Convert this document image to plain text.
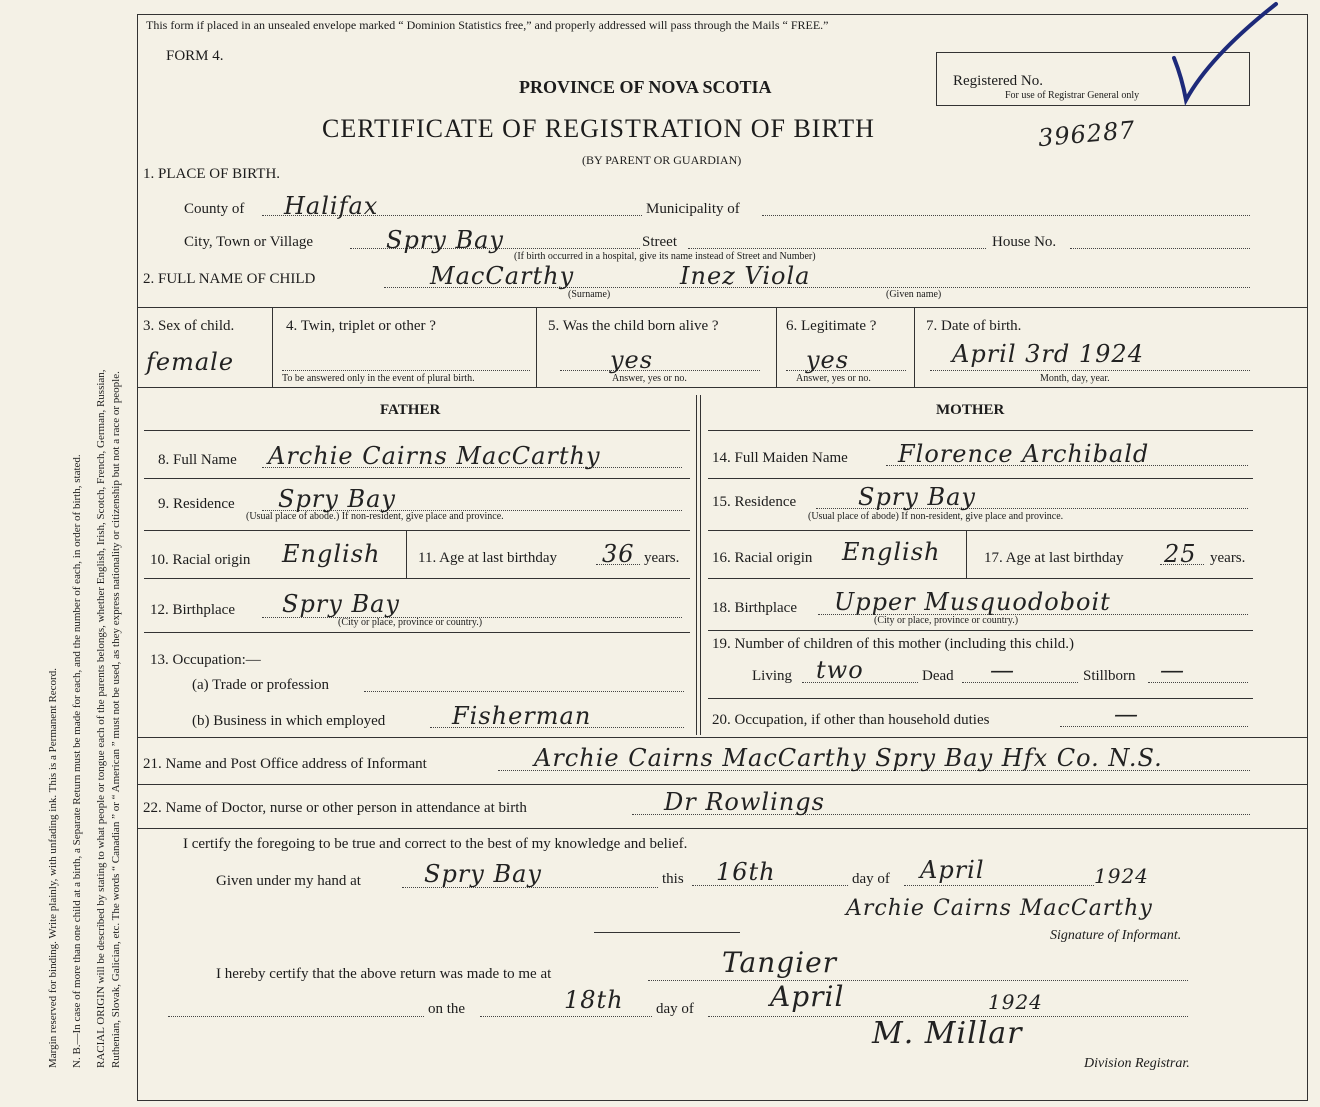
Margin reserved for binding. Write plainly, with unfading ink. This is a Permanent Record. N. B.—In case of more than one child at a birth, a Separate Return must be made for each, and the number of each, in order of birth, stated. RACIAL ORIGIN will be described by stating to what people or tongue each of the parents belongs, whether English, Irish, Scotch, French, German, Russian, Ruthenian, Slovak, Galician, etc. The words “ Canadian ” or “ American ” must not be used, as they express nationality or citizenship but not a race or people.
This form if placed in an unsealed envelope marked “ Dominion Statistics free,” and properly addressed will pass through the Mails “ FREE.”
FORM 4.
PROVINCE OF NOVA SCOTIA
CERTIFICATE OF REGISTRATION OF BIRTH
(BY PARENT OR GUARDIAN)
Registered No.
For use of Registrar General only
396287
1. PLACE OF BIRTH.
County of Halifax	Municipality of
City, Town or Village	Spry Bay	Street
(If birth occurred in a hospital, give its name instead of Street and Number)
House No.
2. FULL NAME OF CHILD	MacCarthy	Inez Viola
(Surname)	(Given name)
3. Sex of child.
female
4. Twin, triplet or other ?
To be answered only in the event of plural birth.
5. Was the child born alive ?
yes
Answer, yes or no.
6. Legitimate ?
yes
Answer, yes or no.
7. Date of birth.
April 3rd 1924
Month, day, year.
FATHER	MOTHER
8. Full Name Archie Cairns MacCarthy
9. Residence Spry Bay
(Usual place of abode.) If non-resident, give place and province.
10. Racial origin English	11. Age at last birthday 36 years.
12. Birthplace Spry Bay
(City or place, province or country.)
13. Occupation:—
(a) Trade or profession
(b) Business in which employed	Fisherman
14. Full Maiden Name Florence Archibald
15. Residence	Spry Bay
(Usual place of abode) If non-resident, give place and province.
16. Racial origin English	17. Age at last birthday 25 years.
18. Birthplace Upper Musquodoboit
(City or place, province or country.)
19. Number of children of this mother (including this child.)
Living two	Dead —	Stillborn —
20. Occupation, if other than household duties	—
21. Name and Post Office address of Informant	Archie Cairns MacCarthy Spry Bay Hfx Co. N.S.
22. Name of Doctor, nurse or other person in attendance at birth	Dr Rowlings
I certify the foregoing to be true and correct to the best of my knowledge and belief.
Given under my hand at	Spry Bay	this 16th	day of April	1924
Archie Cairns MacCarthy
Signature of Informant.
I hereby certify that the above return was made to me at	Tangier
on the	18th day of	April	1924
M. Millar
Division Registrar.
